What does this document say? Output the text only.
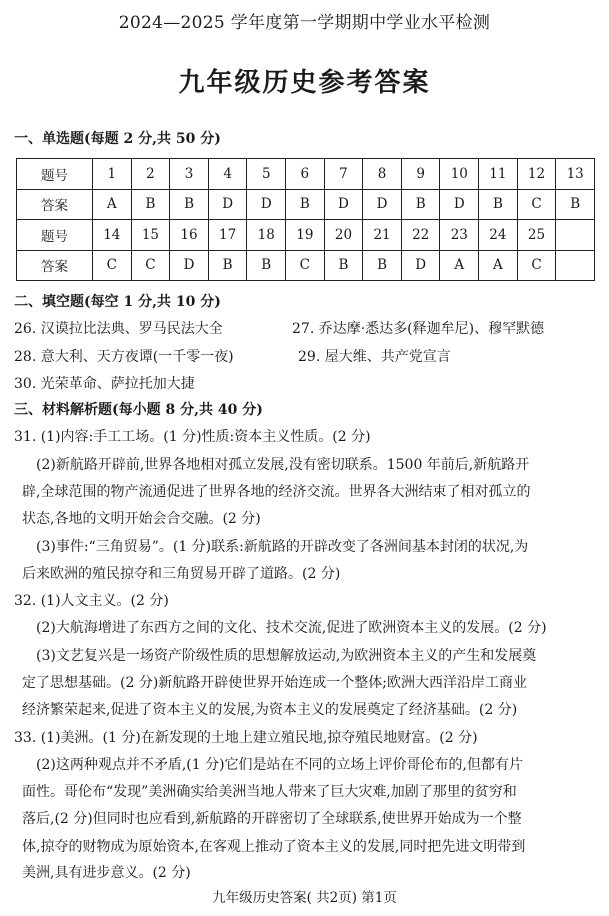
2024—2025 学年度第一学期期中学业水平检测
九年级历史参考答案
一、单选题(每题 2 分,共 50 分)
题号	1	2	3	4	5	6	7	8	9	10	11	12	13
答案	A	B	B	D	D	B	D	D	B	D	B	C	B
题号	14	15	16	17	18	19	20	21	22	23	24	25	
答案	C	C	D	B	B	C	B	B	D	A	A	C	
二、填空题(每空 1 分,共 10 分)
26. 汉谟拉比法典、罗马民法大全	27. 乔达摩·悉达多(释迦牟尼)、穆罕默德
28. 意大利、天方夜谭(一千零一夜)	29. 屋大维、共产党宣言
30. 光荣革命、萨拉托加大捷
三、材料解析题(每小题 8 分,共 40 分)
31. (1)内容:手工工场。(1 分)性质:资本主义性质。(2 分)
(2)新航路开辟前,世界各地相对孤立发展,没有密切联系。1500 年前后,新航路开
辟,全球范围的物产流通促进了世界各地的经济交流。世界各大洲结束了相对孤立的
状态,各地的文明开始会合交融。(2 分)
(3)事件:“三角贸易”。(1 分)联系:新航路的开辟改变了各洲间基本封闭的状况,为
后来欧洲的殖民掠夺和三角贸易开辟了道路。(2 分)
32. (1)人文主义。(2 分)
(2)大航海增进了东西方之间的文化、技术交流,促进了欧洲资本主义的发展。(2 分)
(3)文艺复兴是一场资产阶级性质的思想解放运动,为欧洲资本主义的产生和发展奠
定了思想基础。(2 分)新航路开辟使世界开始连成一个整体;欧洲大西洋沿岸工商业
经济繁荣起来,促进了资本主义的发展,为资本主义的发展奠定了经济基础。(2 分)
33. (1)美洲。(1 分)在新发现的土地上建立殖民地,掠夺殖民地财富。(2 分)
(2)这两种观点并不矛盾,(1 分)它们是站在不同的立场上评价哥伦布的,但都有片
面性。哥伦布“发现”美洲确实给美洲当地人带来了巨大灾难,加剧了那里的贫穷和
落后,(2 分)但同时也应看到,新航路的开辟密切了全球联系,使世界开始成为一个整
体,掠夺的财物成为原始资本,在客观上推动了资本主义的发展,同时把先进文明带到
美洲,具有进步意义。(2 分)
九年级历史答案( 共2页) 第1页
